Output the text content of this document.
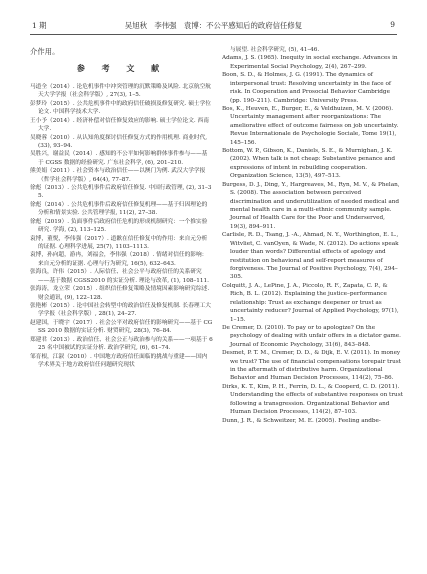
1 期	吴旭秋　李伟强　袁博：不公平感知后的政府信任修复	9

介作用。

参 考 文 献
马道全（2014）. 论危机事件中冲突管理的沉默策略及风险. 北京航空航天大学学报（社会科学版）, 27(3), 1–5.
彭梦玲（2015）. 公共危机事件中的政府信任破损及修复研究. 硕士学位论文. 中国科学技术大学.
王小予（2014）. 经济补偿对信任修复效应的影响. 硕士学位论文. 西南大学.
吴晓蓉（2010）. 从认知角度探讨信任修复方式的作用机理. 商业时代, (33), 93–94.
吴胜兴，谢益民（2014）. 感知的不公平如何影响群体事件参与——基于 CGSS 数据的经验研究. 广东社会科学, (6), 201–210.
熊美娟（2011）. 社会资本与政治信任——以澳门为例. 武汉大学学报（哲学社会科学版）, 64(4), 77–87.
徐彪（2013）. 公共危机事件后政府信任修复. 中国行政管理, (2), 31–35.
徐彪（2014）. 公共危机事件后政府信任修复机理——基于归因理论的分析和情景实验. 公共管理学报, 11(2), 27–38.
徐彪（2019）. 负面事件后政府信任危机的形成机制研究：一个推实验研究. 学海, (2), 113–125.
袁博，董悦，李伟强（2017）. 道歉在信任修复中的作用：来自元分析的证据. 心理科学进展, 25(7), 1103–1113.
袁博，孙向超，游冉，刘福会，李伟强（2018）. 情绪对信任的影响：来自元分析的证据. 心理与行为研究, 16(5), 632–643.
张海良，许伟（2015）. 人际信任、社会公平与政府信任的关系研究——基于数据 CGSS2010 的实证分析. 理论与改革, (1), 108–111.
张海涛，龙立荣（2015）. 组织信任修复策略及情境因素影响研究综述. 财会通讯, (9), 122–128.
张艳彬（2015）. 论中国社会转型中的政治信任及修复机制. 长春理工大学学报（社会科学版）, 28(1), 24–27.
赵建国，于晓宇（2017）. 社会公平对政府信任的影响研究——基于 CGSS 2010 数据的实证分析. 财贸研究, 28(3), 76–84.
郑建君（2013）. 政治信任、社会公正与政治参与的关系——一项基于 625 名中国被试的实证分析. 政治学研究, (6), 61–74.
邹育根，江淑（2010）. 中国地方政府信任面临的挑战与重建——国内学术界关于地方政府信任问题研究现状
与展望. 社会科学研究, (5), 41–46.
Adams, J. S. (1965). Inequity in social exchange. Advances in Experimental Social Psychology, 2(4), 267–299.
Boon, S. D., & Holmes, J. G. (1991). The dynamics of interpersonal trust: Resolving uncertainty in the face of risk. In Cooperation and Prosocial Behavior Cambridge (pp. 190–211). Cambridge: University Press.
Bos, K., Heuven, E., Burger, E., & Veldhuizen, M. V. (2006). Uncertainty management after reorganizations: The ameliorative effect of outcome fairness on job uncertainty. Revue Internationale de Psychologie Sociale, Tome 19(1), 145–156.
Bottom, W. P., Gibson, K., Daniels, S. E., & Murnighan, J. K. (2002). When talk is not cheap: Substantive penance and expressions of intent in rebuilding cooperation. Organization Science, 13(5), 497–513.
Burgess, D. J., Ding, Y., Hargreaves, M., Ryn, M. V., & Phelan, S. (2008). The association between perceived discrimination and underutilization of needed medical and mental health care in a multi-ethnic community sample. Journal of Health Care for the Poor and Underserved, 19(3), 894–911.
Carlisle, R. D., Tsang, J. -A., Ahmad, N. Y., Worthington, E. L., Witvliet, C. vanOyen, & Wade, N. (2012). Do actions speak louder than words? Differential effects of apology and restitution on behavioral and self-report measures of forgiveness. The Journal of Positive Psychology, 7(4), 294–305.
Colquitt, J. A., LePine, J. A., Piccolo, R. F., Zapata, C. P., & Rich, B. L. (2012). Explaining the justice–performance relationship: Trust as exchange deepener or trust as uncertainty reducer? Journal of Applied Psychology, 97(1), 1–15.
De Cremer, D. (2010). To pay or to apologize? On the psychology of dealing with unfair offers in a dictator game. Journal of Economic Psychology, 31(6), 843–848.
Desmet, P. T. M., Cremer, D. D., & Dijk, E. V. (2011). In money we trust? The use of financial compensations torepair trust in the aftermath of distributive harm. Organizational Behavior and Human Decision Processes, 114(2), 75–86.
Dirks, K. T., Kim, P. H., Ferrin, D. L., & Cooperd, C. D. (2011). Understanding the effects of substantive responses on trust following a transgression. Organizational Behavior and Human Decision Processes, 114(2), 87–103.
Dunn, J. R., & Schweitzer, M. E. (2005). Feeling andbe-
